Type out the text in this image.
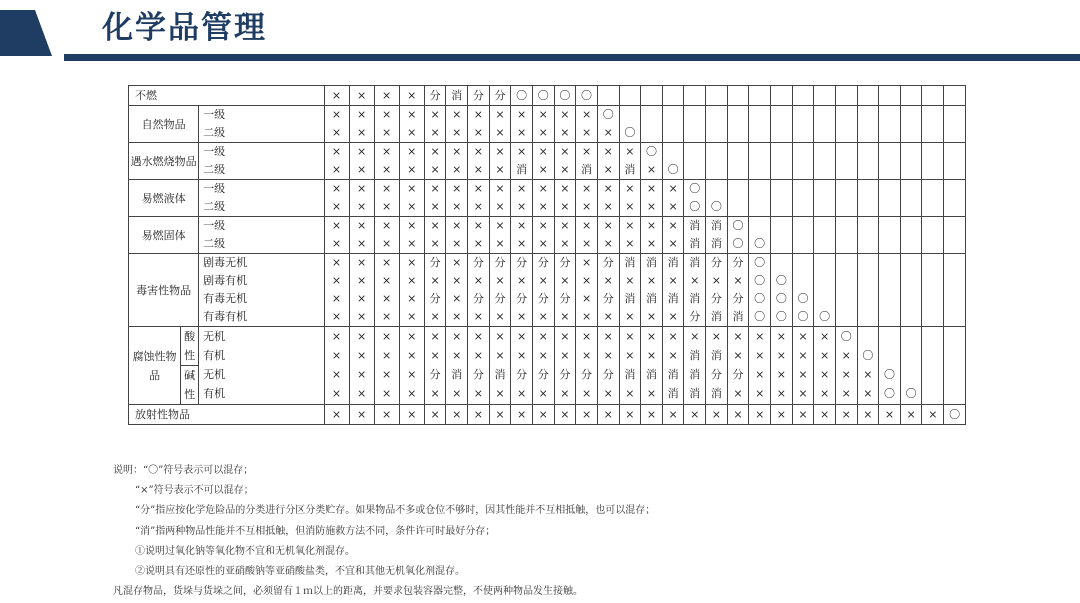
化学品管理
不燃			×	×	×	×	分	消	分	分	〇	〇	〇	〇																	
自然物品		一级	×	×	×	×	×	×	×	×	×	×	×	×	〇																
		二级	×	×	×	×	×	×	×	×	×	×	×	×	×	〇															
遇水燃烧物品		一级	×	×	×	×	×	×	×	×	×	×	×	×	×	×	〇														
		二级	×	×	×	×	×	×	×	×	消	×	×	消	×	消	×	〇													
易燃液体		一级	×	×	×	×	×	×	×	×	×	×	×	×	×	×	×	×	〇												
		二级	×	×	×	×	×	×	×	×	×	×	×	×	×	×	×	×	〇	〇											
易燃固体		一级	×	×	×	×	×	×	×	×	×	×	×	×	×	×	×	×	消	消	〇										
		二级	×	×	×	×	×	×	×	×	×	×	×	×	×	×	×	×	消	消	〇	〇									
毒害性物品		剧毒无机	×	×	×	×	分	×	分	分	分	分	分	×	分	消	消	消	消	分	分	〇									
		剧毒有机	×	×	×	×	×	×	×	×	×	×	×	×	×	×	×	×	×	×	×	〇	〇								
		有毒无机	×	×	×	×	分	×	分	分	分	分	分	×	分	消	消	消	消	分	分	〇	〇	〇							
		有毒有机	×	×	×	×	×	×	×	×	×	×	×	×	×	×	×	×	分	消	消	〇	〇	〇	〇						
腐蚀性物品	酸性	无机	×	×	×	×	×	×	×	×	×	×	×	×	×	×	×	×	×	×	×	×	×	×	×	〇					
		有机	×	×	×	×	×	×	×	×	×	×	×	×	×	×	×	×	消	消	×	×	×	×	×	×	〇				
	碱性	无机	×	×	×	×	分	消	分	消	分	分	分	分	分	消	消	消	消	分	分	×	×	×	×	×	×	〇			
		有机	×	×	×	×	×	×	×	×	×	×	×	×	×	×	×	消	消	消	×	×	×	×	×	×	×	〇	〇		
放射性物品			×	×	×	×	×	×	×	×	×	×	×	×	×	×	×	×	×	×	×	×	×	×	×	×	×	×	×	×	〇
说明：“〇”符号表示可以混存；
“×”符号表示不可以混存；
“分”指应按化学危险品的分类进行分区分类贮存。如果物品不多或仓位不够时，因其性能并不互相抵触，也可以混存；
“消”指两种物品性能并不互相抵触，但消防施救方法不同，条件许可时最好分存；
①说明过氧化钠等氧化物不宜和无机氧化剂混存。
②说明具有还原性的亚硝酸钠等亚硝酸盐类，不宜和其他无机氧化剂混存。
凡混存物品，货垛与货垛之间，必须留有１ｍ以上的距离，并要求包装容器完整，不使两种物品发生接触。
